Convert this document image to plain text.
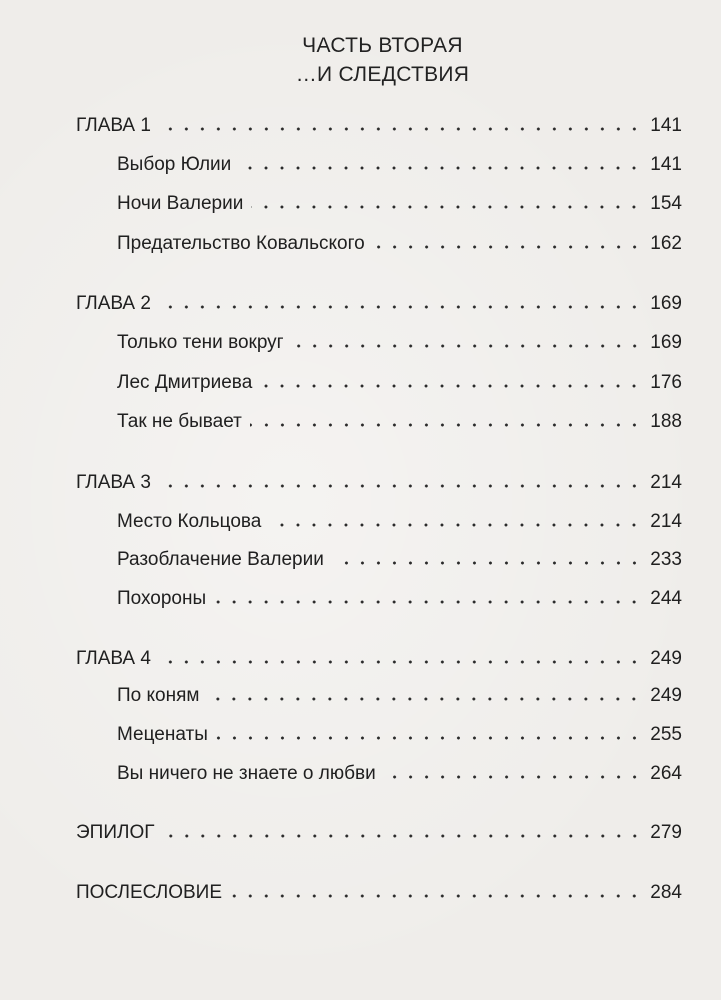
ЧАСТЬ ВТОРАЯ
…И СЛЕДСТВИЯ
ГЛАВА 1	141
Выбор Юлии	141
Ночи Валерии	154
Предательство Ковальского	162
ГЛАВА 2	169
Только тени вокруг	169
Лес Дмитриева	176
Так не бывает	188
ГЛАВА 3	214
Место Кольцова	214
Разоблачение Валерии	233
Похороны	244
ГЛАВА 4	249
По коням	249
Меценаты	255
Вы ничего не знаете о любви	264
ЭПИЛОГ	279
ПОСЛЕСЛОВИЕ	284
